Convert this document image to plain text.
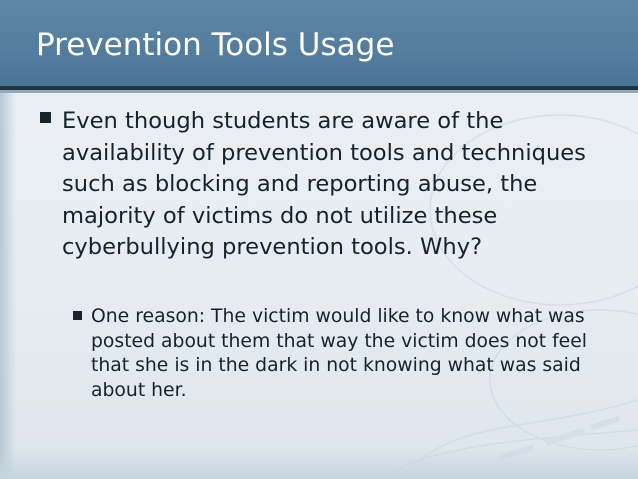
Prevention Tools Usage
Even though students are aware of the availability of prevention tools and techniques such as blocking and reporting abuse, the majority of victims do not utilize these cyberbullying prevention tools. Why?
One reason: The victim would like to know what was posted about them that way the victim does not feel that she is in the dark in not knowing what was said about her.
